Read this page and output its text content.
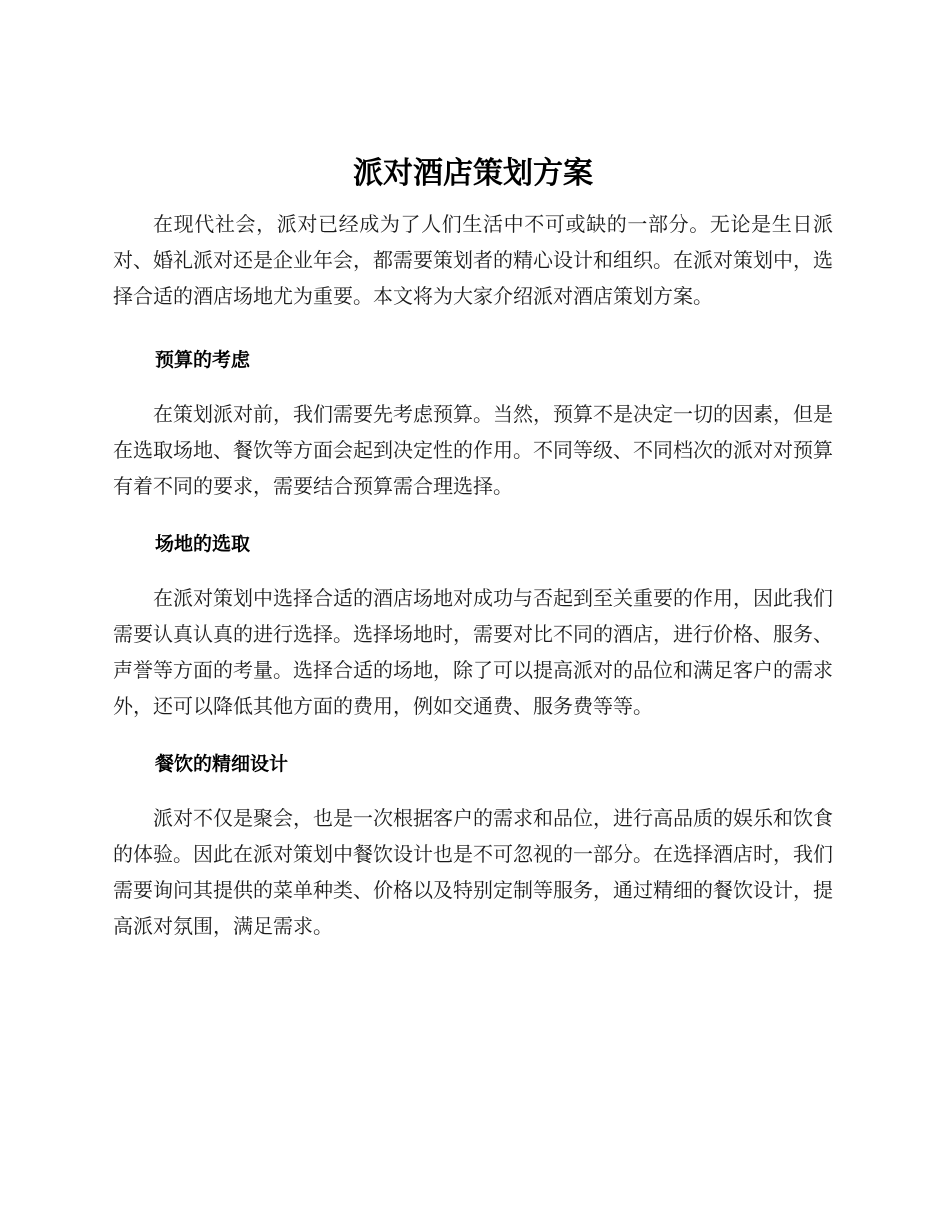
派对酒店策划方案

在现代社会，派对已经成为了人们生活中不可或缺的一部分。无论是生日派对、婚礼派对还是企业年会，都需要策划者的精心设计和组织。在派对策划中，选择合适的酒店场地尤为重要。本文将为大家介绍派对酒店策划方案。

预算的考虑

在策划派对前，我们需要先考虑预算。当然，预算不是决定一切的因素，但是在选取场地、餐饮等方面会起到决定性的作用。不同等级、不同档次的派对对预算有着不同的要求，需要结合预算需合理选择。

场地的选取

在派对策划中选择合适的酒店场地对成功与否起到至关重要的作用，因此我们需要认真认真的进行选择。选择场地时，需要对比不同的酒店，进行价格、服务、声誉等方面的考量。选择合适的场地，除了可以提高派对的品位和满足客户的需求外，还可以降低其他方面的费用，例如交通费、服务费等等。

餐饮的精细设计

派对不仅是聚会，也是一次根据客户的需求和品位，进行高品质的娱乐和饮食的体验。因此在派对策划中餐饮设计也是不可忽视的一部分。在选择酒店时，我们需要询问其提供的菜单种类、价格以及特别定制等服务，通过精细的餐饮设计，提高派对氛围，满足需求。
